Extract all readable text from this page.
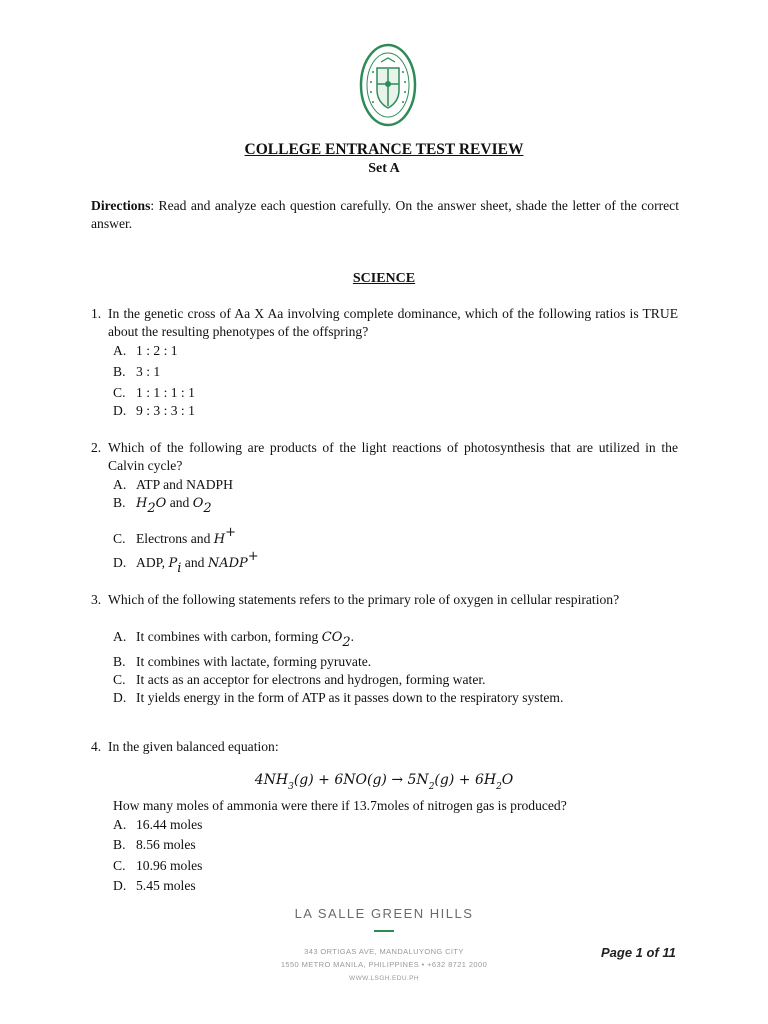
COLLEGE ENTRANCE TEST REVIEW
Set A
Directions: Read and analyze each question carefully. On the answer sheet, shade the letter of the correct answer.
SCIENCE
1. In the genetic cross of Aa X Aa involving complete dominance, which of the following ratios is TRUE about the resulting phenotypes of the offspring?
A. 1 : 2 : 1
B. 3 : 1
C. 1 : 1 : 1 : 1
D. 9 : 3 : 3 : 1
2. Which of the following are products of the light reactions of photosynthesis that are utilized in the Calvin cycle?
A. ATP and NADPH
B. $H_2O$ and $O_2$
C. Electrons and H+
D. ADP, $P_i$ and NADP+
3. Which of the following statements refers to the primary role of oxygen in cellular respiration?
A. It combines with carbon, forming $CO_2$.
B. It combines with lactate, forming pyruvate.
C. It acts as an acceptor for electrons and hydrogen, forming water.
D. It yields energy in the form of ATP as it passes down to the respiratory system.
4. In the given balanced equation:
$4NH_3(g) + 6NO(g) \to 5N_2(g) + 6H_2O$
How many moles of ammonia were there if 13.7moles of nitrogen gas is produced?
A. 16.44 moles
B. 8.56 moles
C. 10.96 moles
D. 5.45 moles
LA SALLE GREEN HILLS
343 ORTIGAS AVE, MANDALUYONG CITY
1550 METRO MANILA, PHILIPPINES • +632 8721 2000
WWW.LSGH.EDU.PH
Page 1 of 11
